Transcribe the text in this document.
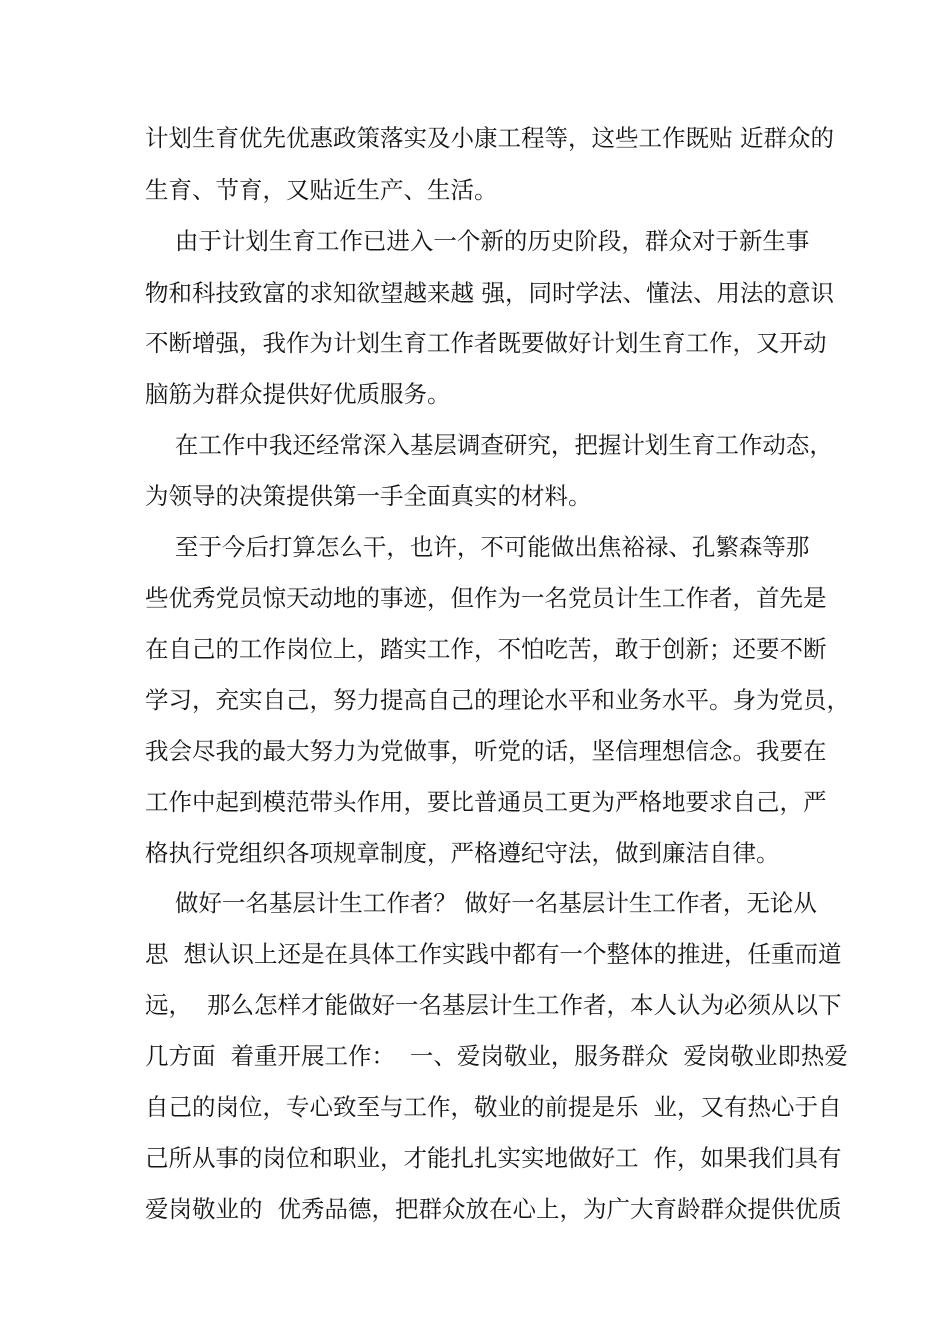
计划生育优先优惠政策落实及小康工程等，这些工作既贴 近群众的
生育、节育，又贴近生产、生活。
由于计划生育工作已进入一个新的历史阶段，群众对于新生事
物和科技致富的求知欲望越来越 强，同时学法、懂法、用法的意识
不断增强，我作为计划生育工作者既要做好计划生育工作，又开动
脑筋为群众提供好优质服务。
在工作中我还经常深入基层调查研究，把握计划生育工作动态，
为领导的决策提供第一手全面真实的材料。
至于今后打算怎么干，也许，不可能做出焦裕禄、孔繁森等那
些优秀党员惊天动地的事迹，但作为一名党员计生工作者，首先是
在自己的工作岗位上，踏实工作，不怕吃苦，敢于创新；还要不断
学习，充实自己，努力提高自己的理论水平和业务水平。身为党员，
我会尽我的最大努力为党做事，听党的话，坚信理想信念。我要在
工作中起到模范带头作用，要比普通员工更为严格地要求自己，严
格执行党组织各项规章制度，严格遵纪守法，做到廉洁自律。
做好一名基层计生工作者？ 做好一名基层计生工作者，无论从
思  想认识上还是在具体工作实践中都有一个整体的推进，任重而道
远，  那么怎样才能做好一名基层计生工作者，本人认为必须从以下
几方面  着重开展工作：  一、爱岗敬业，服务群众  爱岗敬业即热爱
自己的岗位，专心致至与工作，敬业的前提是乐  业，又有热心于自
己所从事的岗位和职业，才能扎扎实实地做好工  作，如果我们具有
爱岗敬业的  优秀品德，把群众放在心上，为广大育龄群众提供优质
